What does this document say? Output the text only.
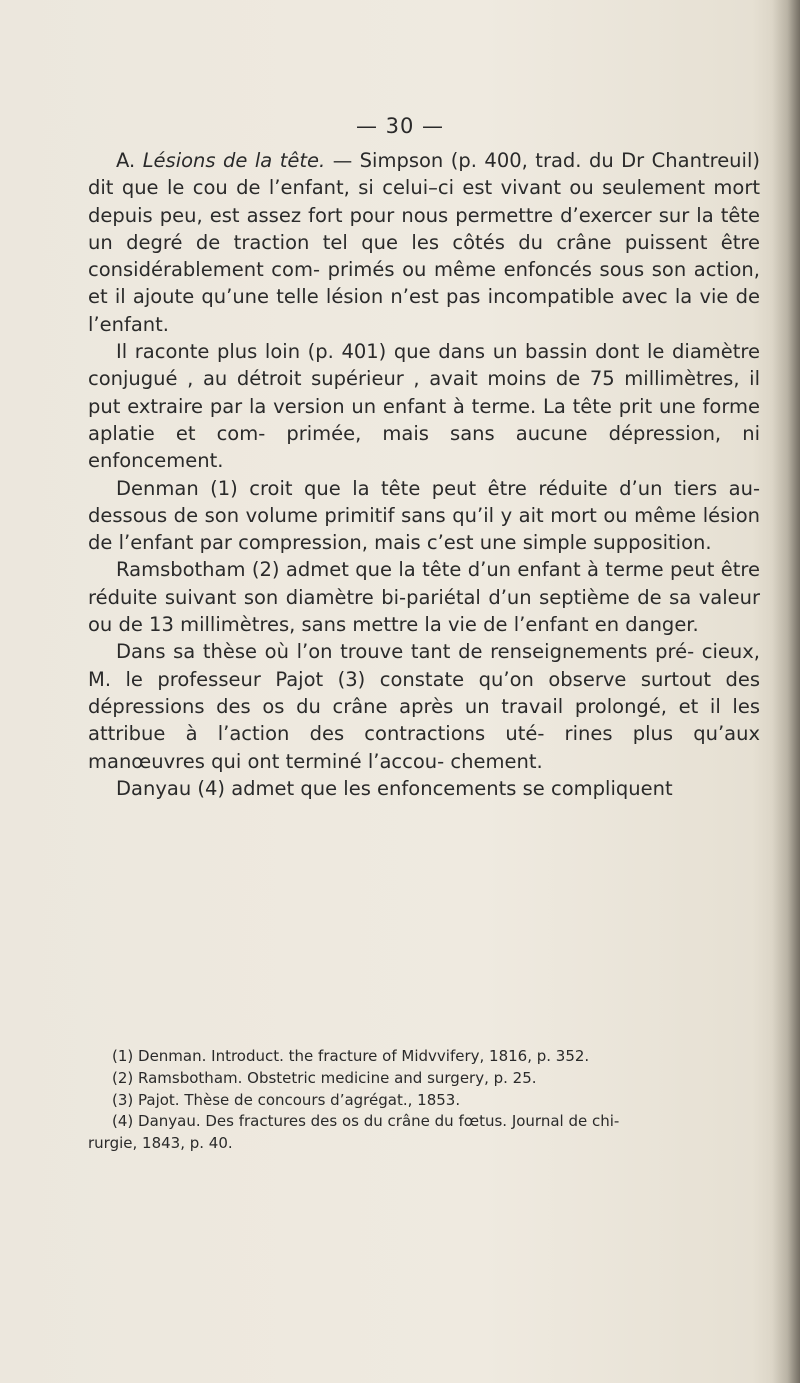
— 30 —

A. Lésions de la tête. — Simpson (p. 400, trad. du Dr Chantreuil) dit que le cou de l’enfant, si celui–ci est vivant ou seulement mort depuis peu, est assez fort pour nous permettre d’exercer sur la tête un degré de traction tel que les côtés du crâne puissent être considérablement com- primés ou même enfoncés sous son action, et il ajoute qu’une telle lésion n’est pas incompatible avec la vie de l’enfant.

Il raconte plus loin (p. 401) que dans un bassin dont le diamètre conjugué , au détroit supérieur , avait moins de 75 millimètres, il put extraire par la version un enfant à terme. La tête prit une forme aplatie et com- primée, mais sans aucune dépression, ni enfoncement.

Denman (1) croit que la tête peut être réduite d’un tiers au-dessous de son volume primitif sans qu’il y ait mort ou même lésion de l’enfant par compression, mais c’est une simple supposition.

Ramsbotham (2) admet que la tête d’un enfant à terme peut être réduite suivant son diamètre bi-pariétal d’un septième de sa valeur ou de 13 millimètres, sans mettre la vie de l’enfant en danger.

Dans sa thèse où l’on trouve tant de renseignements pré- cieux, M. le professeur Pajot (3) constate qu’on observe surtout des dépressions des os du crâne après un travail prolongé, et il les attribue à l’action des contractions uté- rines plus qu’aux manœuvres qui ont terminé l’accou- chement.

Danyau (4) admet que les enfoncements se compliquent

(1) Denman. Introduct. the fracture of Midvvifery, 1816, p. 352.

(2) Ramsbotham. Obstetric medicine and surgery, p. 25.

(3) Pajot. Thèse de concours d’agrégat., 1853.

(4) Danyau. Des fractures des os du crâne du fœtus. Journal de chi-

rurgie, 1843, p. 40.
